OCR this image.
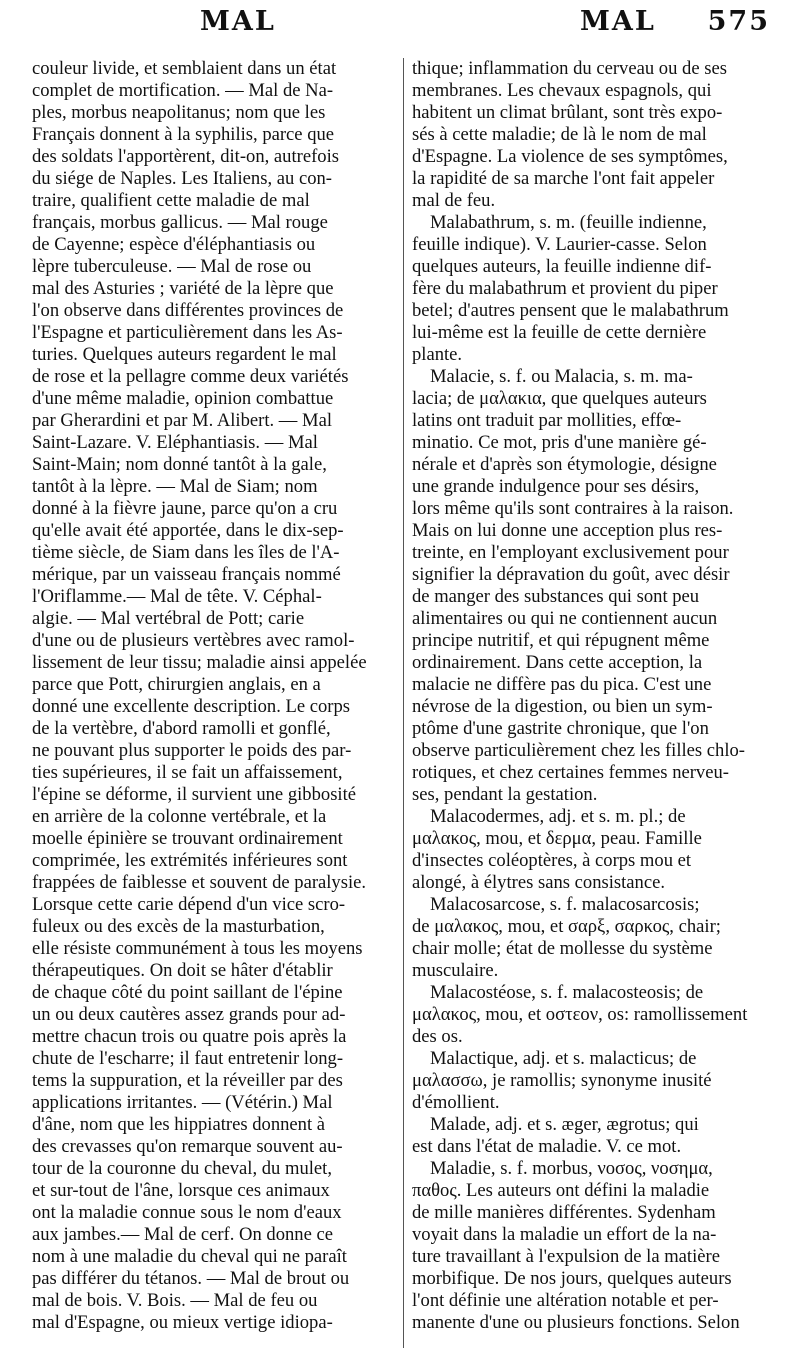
MAL	MAL 575
couleur livide, et semblaient dans un état
complet de mortification. — Mal de Na-
ples, morbus neapolitanus; nom que les
Français donnent à la syphilis, parce que
des soldats l'apportèrent, dit-on, autrefois
du siége de Naples. Les Italiens, au con-
traire, qualifient cette maladie de mal
français, morbus gallicus. — Mal rouge
de Cayenne; espèce d'éléphantiasis ou
lèpre tuberculeuse. — Mal de rose ou
mal des Asturies ; variété de la lèpre que
l'on observe dans différentes provinces de
l'Espagne et particulièrement dans les As-
turies. Quelques auteurs regardent le mal
de rose et la pellagre comme deux variétés
d'une même maladie, opinion combattue
par Gherardini et par M. Alibert. — Mal
Saint-Lazare. V. Eléphantiasis. — Mal
Saint-Main; nom donné tantôt à la gale,
tantôt à la lèpre. — Mal de Siam; nom
donné à la fièvre jaune, parce qu'on a cru
qu'elle avait été apportée, dans le dix-sep-
tième siècle, de Siam dans les îles de l'A-
mérique, par un vaisseau français nommé
l'Oriflamme.— Mal de tête. V. Céphal-
algie. — Mal vertébral de Pott; carie
d'une ou de plusieurs vertèbres avec ramol-
lissement de leur tissu; maladie ainsi appelée
parce que Pott, chirurgien anglais, en a
donné une excellente description. Le corps
de la vertèbre, d'abord ramolli et gonflé,
ne pouvant plus supporter le poids des par-
ties supérieures, il se fait un affaissement,
l'épine se déforme, il survient une gibbosité
en arrière de la colonne vertébrale, et la
moelle épinière se trouvant ordinairement
comprimée, les extrémités inférieures sont
frappées de faiblesse et souvent de paralysie.
Lorsque cette carie dépend d'un vice scro-
fuleux ou des excès de la masturbation,
elle résiste communément à tous les moyens
thérapeutiques. On doit se hâter d'établir
de chaque côté du point saillant de l'épine
un ou deux cautères assez grands pour ad-
mettre chacun trois ou quatre pois après la
chute de l'escharre; il faut entretenir long-
tems la suppuration, et la réveiller par des
applications irritantes. — (Vétérin.) Mal
d'âne, nom que les hippiatres donnent à
des crevasses qu'on remarque souvent au-
tour de la couronne du cheval, du mulet,
et sur-tout de l'âne, lorsque ces animaux
ont la maladie connue sous le nom d'eaux
aux jambes.— Mal de cerf. On donne ce
nom à une maladie du cheval qui ne paraît
pas différer du tétanos. — Mal de brout ou
mal de bois. V. Bois. — Mal de feu ou
mal d'Espagne, ou mieux vertige idiopa-
thique; inflammation du cerveau ou de ses
membranes. Les chevaux espagnols, qui
habitent un climat brûlant, sont très expo-
sés à cette maladie; de là le nom de mal
d'Espagne. La violence de ses symptômes,
la rapidité de sa marche l'ont fait appeler
mal de feu.
Malabathrum, s. m. (feuille indienne,
feuille indique). V. Laurier-casse. Selon
quelques auteurs, la feuille indienne dif-
fère du malabathrum et provient du piper
betel; d'autres pensent que le malabathrum
lui-même est la feuille de cette dernière
plante.
Malacie, s. f. ou Malacia, s. m. ma-
lacia; de μαλακια, que quelques auteurs
latins ont traduit par mollities, effœ-
minatio. Ce mot, pris d'une manière gé-
nérale et d'après son étymologie, désigne
une grande indulgence pour ses désirs,
lors même qu'ils sont contraires à la raison.
Mais on lui donne une acception plus res-
treinte, en l'employant exclusivement pour
signifier la dépravation du goût, avec désir
de manger des substances qui sont peu
alimentaires ou qui ne contiennent aucun
principe nutritif, et qui répugnent même
ordinairement. Dans cette acception, la
malacie ne diffère pas du pica. C'est une
névrose de la digestion, ou bien un sym-
ptôme d'une gastrite chronique, que l'on
observe particulièrement chez les filles chlo-
rotiques, et chez certaines femmes nerveu-
ses, pendant la gestation.
Malacodermes, adj. et s. m. pl.; de
μαλακος, mou, et δερμα, peau. Famille
d'insectes coléoptères, à corps mou et
alongé, à élytres sans consistance.
Malacosarcose, s. f. malacosarcosis;
de μαλακος, mou, et σαρξ, σαρκος, chair;
chair molle; état de mollesse du système
musculaire.
Malacostéose, s. f. malacosteosis; de
μαλακος, mou, et οστεον, os: ramollissement
des os.
Malactique, adj. et s. malacticus; de
μαλασσω, je ramollis; synonyme inusité
d'émollient.
Malade, adj. et s. æger, ægrotus; qui
est dans l'état de maladie. V. ce mot.
Maladie, s. f. morbus, νοσος, νοσημα,
παθος. Les auteurs ont défini la maladie
de mille manières différentes. Sydenham
voyait dans la maladie un effort de la na-
ture travaillant à l'expulsion de la matière
morbifique. De nos jours, quelques auteurs
l'ont définie une altération notable et per-
manente d'une ou plusieurs fonctions. Selon
